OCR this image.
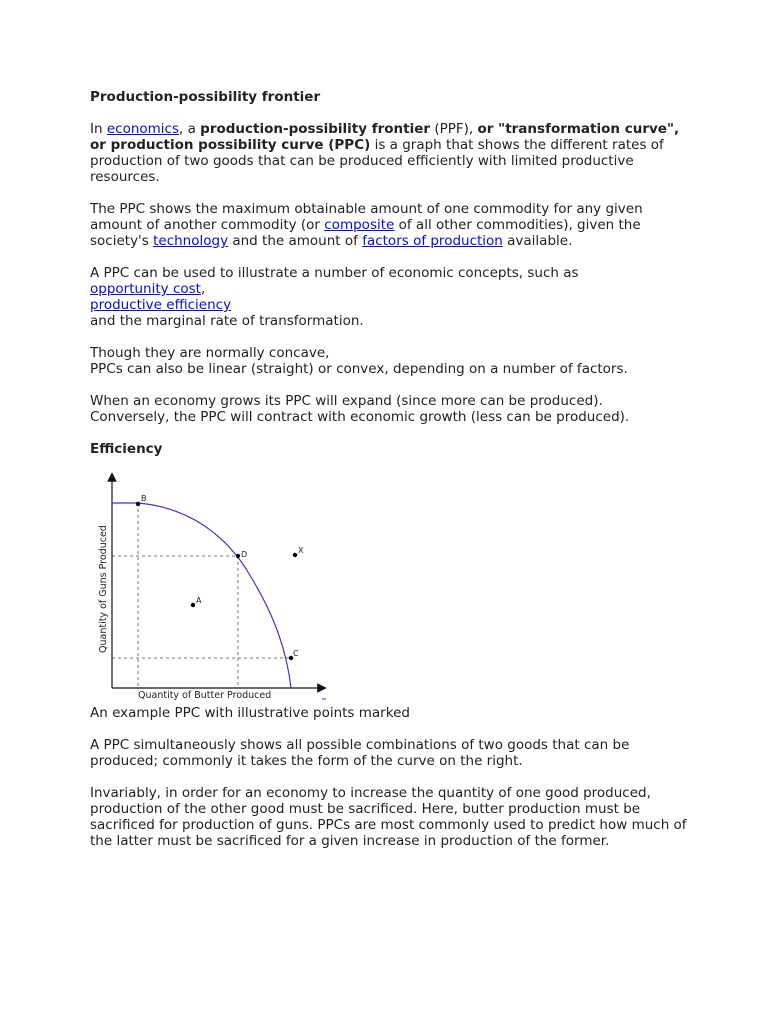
Production-possibility frontier

In economics, a production-possibility frontier (PPF), or "transformation curve", or production possibility curve (PPC) is a graph that shows the different rates of production of two goods that can be produced efficiently with limited productive resources.

The PPC shows the maximum obtainable amount of one commodity for any given amount of another commodity (or composite of all other commodities), given the society's technology and the amount of factors of production available.

A PPC can be used to illustrate a number of economic concepts, such as
opportunity cost,
productive efficiency
and the marginal rate of transformation.

Though they are normally concave,
PPCs can also be linear (straight) or convex, depending on a number of factors.

When an economy grows its PPC will expand (since more can be produced).
Conversely, the PPC will contract with economic growth (less can be produced).

Efficiency
B
D
C
A
X
Quantity of Guns Produced
Quantity of Butter Produced

An example PPC with illustrative points marked

A PPC simultaneously shows all possible combinations of two goods that can be produced; commonly it takes the form of the curve on the right.

Invariably, in order for an economy to increase the quantity of one good produced, production of the other good must be sacrificed. Here, butter production must be sacrificed for production of guns. PPCs are most commonly used to predict how much of the latter must be sacrificed for a given increase in production of the former.
